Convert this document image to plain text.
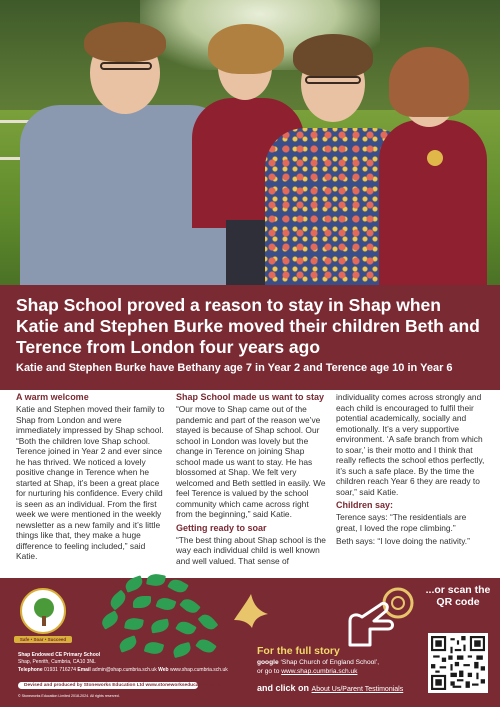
Shap School proved a reason to stay in Shap when Katie and Stephen Burke moved their children Beth and Terence from London four years ago
Katie and Stephen Burke have Bethany age 7 in Year 2 and Terence age 10 in Year 6
A warm welcome

Katie and Stephen moved their family to Shap from London and were immediately impressed by Shap school. “Both the children love Shap school. Terence joined in Year 2 and ever since he has thrived. We noticed a lovely positive change in Terence when he started at Shap, it’s been a great place for nurturing his confidence. Every child is seen as an individual. From the first week we were mentioned in the weekly newsletter as a new family and it’s little things like that, they make a huge difference to feeling included,” said Katie.

Shap School made us want to stay

“Our move to Shap came out of the pandemic and part of the reason we’ve stayed is because of Shap school. Our school in London was lovely but the change in Terence on joining Shap school made us want to stay. He has blossomed at Shap. We felt very welcomed and Beth settled in easily. We feel Terence is valued by the school community which came across right from the beginning,” said Katie.

Getting ready to soar

“The best thing about Shap school is the way each individual child is well known and well valued. That sense of

individuality comes across strongly and each child is encouraged to fulfil their potential academically, socially and emotionally. It’s a very supportive environment. ‘A safe branch from which to soar,’ is their motto and I think that really reflects the school ethos perfectly, it’s such a safe place. By the time the children reach Year 6 they are ready to soar,” said Katie.

Children say:

Terence says: “The residentials are great, I loved the rope climbing.”

Beth says: “I love doing the nativity.”

Safe • Soar • Succeed
Shap Endowed CE Primary School
Shap, Penrith, Cumbria, CA10 3NL
Telephone 01931 716274 Email admin@shap.cumbria.sch.uk Web www.shap.cumbria.sch.uk
Devised and produced by Stoneworks Education Ltd www.stoneworkseducation.co.uk
© Stoneworks Education Limited 2018-2024. All rights reserved.
...or scan the QR code
For the full story
google ‘Shap Church of England School’,
or go to www.shap.cumbria.sch.uk
and click on About Us/Parent Testimonials
